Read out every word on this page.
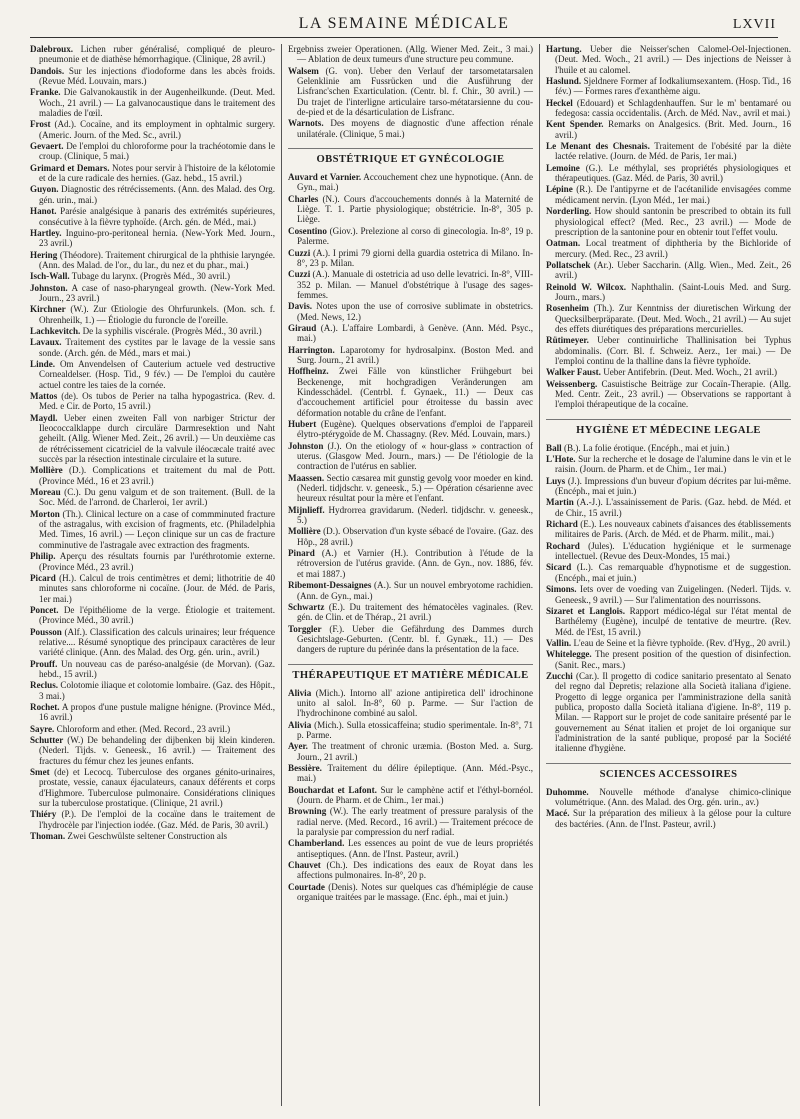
LA SEMAINE MÉDICALE	LXVII

Dalebroux. Lichen ruber généralisé, compliqué de pleuro-pneumonie et de diathèse hémorrhagique. (Clinique, 28 avril.)

Dandois. Sur les injections d'iodoforme dans les abcès froids. (Revue Méd. Louvain, mars.)

Franke. Die Galvanokaustik in der Augenheilkunde. (Deut. Med. Woch., 21 avril.) — La galvanocaustique dans le traitement des maladies de l'œil.

Frost (Ad.). Cocaïne, and its employment in ophtalmic surgery. (Americ. Journ. of the Med. Sc., avril.)

Gevaert. De l'emploi du chloroforme pour la trachéotomie dans le croup. (Clinique, 5 mai.)

Grimard et Demars. Notes pour servir à l'histoire de la kélotomie et de la cure radicale des hernies. (Gaz. hebd., 15 avril.)

Guyon. Diagnostic des rétrécissements. (Ann. des Malad. des Org. gén. urin., mai.)

Hanot. Parésie analgésique à panaris des extrémités supérieures, consécutive à la fièvre typhoïde. (Arch. gén. de Méd., mai.)

Hartley. Inguino-pro-peritoneal hernia. (New-York Med. Journ., 23 avril.)

Hering (Théodore). Traitement chirurgical de la phthisie laryngée. (Ann. des Malad. de l'or., du lar., du nez et du phar., mai.)

Isch-Wall. Tubage du larynx. (Progrès Méd., 30 avril.)

Johnston. A case of naso-pharyngeal growth. (New-York Med. Journ., 23 avril.)

Kirchner (W.). Zur Œtiologie des Ohrfurunkels. (Mon. sch. f. Ohrenheilk, 1.) — Étiologie du furoncle de l'oreille.

Lachkevitch. De la syphilis viscérale. (Progrès Méd., 30 avril.)

Lavaux. Traitement des cystites par le lavage de la vessie sans sonde. (Arch. gén. de Méd., mars et mai.)

Linde. Om Anvendelsen of Cauterium actuele ved destructive Cornealdelser. (Hosp. Tid., 9 fév.) — De l'emploi du cautère actuel contre les taies de la cornée.

Mattos (de). Os tubos de Perier na talha hypogastrica. (Rev. d. Med. e Cir. de Porto, 15 avril.)

Maydl. Ueber einen zweiten Fall von narbiger Strictur der Ileococcalklappe durch circuläre Darmresektion und Naht geheilt. (Allg. Wiener Med. Zeit., 26 avril.) — Un deuxième cas de rétrécissement cicatriciel de la valvule iléocæcale traité avec succès par la résection intestinale circulaire et la suture.

Mollière (D.). Complications et traitement du mal de Pott. (Province Méd., 16 et 23 avril.)

Moreau (C.). Du genu valgum et de son traitement. (Bull. de la Soc. Méd. de l'arrond. de Charleroi, 1er avril.)

Morton (Th.). Clinical lecture on a case of commminuted fracture of the astragalus, with excision of fragments, etc. (Philadelphia Med. Times, 16 avril.) — Leçon clinique sur un cas de fracture comminutive de l'astragale avec extraction des fragments.

Philip. Aperçu des résultats fournis par l'uréthrotomie externe. (Province Méd., 23 avril.)

Picard (H.). Calcul de trois centimètres et demi; lithotritie de 40 minutes sans chloroforme ni cocaïne. (Jour. de Méd. de Paris, 1er mai.)

Poncet. De l'épithéliome de la verge. Étiologie et traitement. (Province Méd., 30 avril.)

Pousson (Alf.). Classification des calculs urinaires; leur fréquence relative.... Résumé synoptique des principaux caractères de leur variété clinique. (Ann. des Malad. des Org. gén. urin., avril.)

Prouff. Un nouveau cas de paréso-analgésie (de Morvan). (Gaz. hebd., 15 avril.)

Reclus. Colotomie iliaque et colotomie lombaire. (Gaz. des Hôpit., 3 mai.)

Rochet. A propos d'une pustule maligne hénigne. (Province Méd., 16 avril.)

Sayre. Chloroform and ether. (Med. Record., 23 avril.)

Schutter (W.) De behandeling der dijbenken bij klein kinderen. (Nederl. Tijds. v. Geneesk., 16 avril.) — Traitement des fractures du fémur chez les jeunes enfants.

Smet (de) et Lecocq. Tuberculose des organes génito-urinaires, prostate, vessie, canaux éjaculateurs, canaux déférents et corps d'Highmore. Tuberculose pulmonaire. Considérations cliniques sur la tuberculose prostatique. (Clinique, 21 avril.)

Thiéry (P.). De l'emploi de la cocaïne dans le traitement de l'hydrocèle par l'injection iodée. (Gaz. Méd. de Paris, 30 avril.)

Thoman. Zwei Geschwülste seltener Construction als

Ergebniss zweier Operationen. (Allg. Wiener Med. Zeit., 3 mai.) — Ablation de deux tumeurs d'une structure peu commune.

Walsem (G. von). Ueber den Verlauf der tarsometatarsalen Gelenklinie am Fussrücken und die Ausführung der Lisfranc'schen Exarticulation. (Centr. bl. f. Chir., 30 avril.) — Du trajet de l'interligne articulaire tarso-métatarsienne du cou-de-pied et de la désarticulation de Lisfranc.

Warnots. Des moyens de diagnostic d'une affection rénale unilatérale. (Clinique, 5 mai.)

OBSTÉTRIQUE ET GYNÉCOLOGIE

Auvard et Varnier. Accouchement chez une hypnotique. (Ann. de Gyn., mai.)

Charles (N.). Cours d'accouchements donnés à la Maternité de Liège. T. 1. Partie physiologique; obstétricie. In-8°, 305 p. Liège.

Cosentino (Giov.). Prelezione al corso di ginecologia. In-8°, 19 p. Palerme.

Cuzzi (A.). I primi 79 giorni della guardia ostetrica di Milano. In-8°, 23 p. Milan.

Cuzzi (A.). Manuale di ostetricia ad uso delle levatrici. In-8°, VIII-352 p. Milan. — Manuel d'obstétrique à l'usage des sages-femmes.

Davis. Notes upon the use of corrosive sublimate in obstetrics. (Med. News, 12.)

Giraud (A.). L'affaire Lombardi, à Genève. (Ann. Méd. Psyc., mai.)

Harrington. Laparotomy for hydrosalpinx. (Boston Med. and Surg. Journ., 21 avril.)

Hoffheinz. Zwei Fälle von künstlicher Frühgeburt bei Beckenenge, mit hochgradigen Veränderungen am Kindesschädel. (Centrbl. f. Gynaek., 11.) — Deux cas d'accouchement artificiel pour étroitesse du bassin avec déformation notable du crâne de l'enfant.

Hubert (Eugène). Quelques observations d'emploi de l'appareil élytro-ptérygoïde de M. Chassagny. (Rev. Méd. Louvain, mars.)

Johnston (J.). On the etiology of « hour-glass » contraction of uterus. (Glasgow Med. Journ., mars.) — De l'étiologie de la contraction de l'utérus en sablier.

Maassen. Sectio cæsarea mit gunstig gevolg voor moeder en kind. (Nederl. tidjdschr. v. geneesk., 5.) — Opération césarienne avec heureux résultat pour la mère et l'enfant.

Mijnlieff. Hydrorrea gravidarum. (Nederl. tidjdschr. v. geneesk., 5.)

Mollière (D.). Observation d'un kyste sébacé de l'ovaire. (Gaz. des Hôp., 28 avril.)

Pinard (A.) et Varnier (H.). Contribution à l'étude de la rétroversion de l'utérus gravide. (Ann. de Gyn., nov. 1886, fév. et mai 1887.)

Ribemont-Dessaignes (A.). Sur un nouvel embryotome rachidien. (Ann. de Gyn., mai.)

Schwartz (E.). Du traitement des hématocèles vaginales. (Rev. gén. de Clin. et de Thérap., 21 avril.)

Torggler (F.). Ueber die Gefährdung des Dammes durch Gesichtslage-Geburten. (Centr. bl. f. Gynæk., 11.) — Des dangers de rupture du périnée dans la présentation de la face.

THÉRAPEUTIQUE ET MATIÈRE MÉDICALE

Alivia (Mich.). Intorno all' azione antipiretica dell' idrochinone unito al salol. In-8°, 60 p. Parme. — Sur l'action de l'hydrochinone combiné au salol.

Alivia (Mich.). Sulla etossicaffeina; studio sperimentale. In-8°, 71 p. Parme.

Ayer. The treatment of chronic uræmia. (Boston Med. a. Surg. Journ., 21 avril.)

Bessière. Traitement du délire épileptique. (Ann. Méd.-Psyc., mai.)

Bouchardat et Lafont. Sur le camphène actif et l'éthyl-bornéol. (Journ. de Pharm. et de Chim., 1er mai.)

Browning (W.). The early treatment of pressure paralysis of the radial nerve. (Med. Record., 16 avril.) — Traitement précoce de la paralysie par compression du nerf radial.

Chamberland. Les essences au point de vue de leurs propriétés antiseptiques. (Ann. de l'Inst. Pasteur, avril.)

Chauvet (Ch.). Des indications des eaux de Royat dans les affections pulmonaires. In-8°, 20 p.

Courtade (Denis). Notes sur quelques cas d'hémiplégie de cause organique traitées par le massage. (Enc. éph., mai et juin.)

Hartung. Ueber die Neisser'schen Calomel-Oel-Injectionen. (Deut. Med. Woch., 21 avril.) — Des injections de Neisser à l'huile et au calomel.

Haslund. Sjeldnere Former af Iodkaliumsexantem. (Hosp. Tid., 16 fév.) — Formes rares d'exanthème aigu.

Heckel (Edouard) et Schlagdenhauffen. Sur le m' bentamaré ou fedegosa: cassia occidentalis. (Arch. de Méd. Nav., avril et mai.)

Kent Spender. Remarks on Analgesics. (Brit. Med. Journ., 16 avril.)

Le Menant des Chesnais. Traitement de l'obésité par la diète lactée relative. (Journ. de Méd. de Paris, 1er mai.)

Lemoine (G.). Le méthylal, ses propriétés physiologiques et thérapeutiques. (Gaz. Méd. de Paris, 30 avril.)

Lépine (R.). De l'antipyrne et de l'acétanilide envisagées comme médicament nervin. (Lyon Méd., 1er mai.)

Norderling. How should santonin be prescribed to obtain its full physiological effect? (Med. Rec., 23 avril.) — Mode de prescription de la santonine pour en obtenir tout l'effet voulu.

Oatman. Local treatment of diphtheria by the Bichloride of mercury. (Med. Rec., 23 avril.)

Pollatschek (Ar.). Ueber Saccharin. (Allg. Wien., Med. Zeit., 26 avril.)

Reinold W. Wilcox. Naphthalin. (Saint-Louis Med. and Surg. Journ., mars.)

Rosenheim (Th.). Zur Kenntniss der diuretischen Wirkung der Quecksilberpräparate. (Deut. Med. Woch., 21 avril.) — Au sujet des effets diurétiques des préparations mercurielles.

Rütimeyer. Ueber continuirliche Thallinisation bei Typhus abdominalis. (Corr. Bl. f. Schweiz. Aerz., 1er mai.) — De l'emploi continu de la thalline dans la fièvre typhoïde.

Walker Faust. Ueber Antifebrin. (Deut. Med. Woch., 21 avril.)

Weissenberg. Casuistische Beiträge zur Cocaïn-Therapie. (Allg. Med. Centr. Zeit., 23 avril.) — Observations se rapportant à l'emploi thérapeutique de la cocaïne.

HYGIÈNE ET MÉDECINE LEGALE

Ball (B.). La folie érotique. (Encéph., mai et juin.)

L'Hote. Sur la recherche et le dosage de l'alumine dans le vin et le raisin. (Journ. de Pharm. et de Chim., 1er mai.)

Luys (J.). Impressions d'un buveur d'opium décrites par lui-même. (Encéph., mai et juin.)

Martin (A.-J.). L'assainissement de Paris. (Gaz. hebd. de Méd. et de Chir., 15 avril.)

Richard (E.). Les nouveaux cabinets d'aisances des établissements militaires de Paris. (Arch. de Méd. et de Pharm. milit., mai.)

Rochard (Jules). L'éducation hygiénique et le surmenage intellectuel. (Revue des Deux-Mondes, 15 mai.)

Sicard (L.). Cas remarquable d'hypnotisme et de suggestion. (Encéph., mai et juin.)

Simons. Iets over de voeding van Zuigelingen. (Nederl. Tijds. v. Geneesk., 9 avril.) — Sur l'alimentation des nourrissons.

Sizaret et Langlois. Rapport médico-légal sur l'état mental de Barthélemy (Eugène), inculpé de tentative de meurtre. (Rev. Méd. de l'Est, 15 avril.)

Vallin. L'eau de Seine et la fièvre typhoïde. (Rev. d'Hyg., 20 avril.)

Whitelegge. The present position of the question of disinfection. (Sanit. Rec., mars.)

Zucchi (Car.). Il progetto di codice sanitario presentato al Senato del regno dal Depretis; relazione alla Società italiana d'igiene. Progetto di legge organica per l'amministrazione della sanità publica, proposto dalla Società italiana d'igiene. In-8°, 119 p. Milan. — Rapport sur le projet de code sanitaire présenté par le gouvernement au Sénat italien et projet de loi organique sur l'administration de la santé publique, proposé par la Société italienne d'hygiène.

SCIENCES ACCESSOIRES

Duhomme. Nouvelle méthode d'analyse chimico-clinique volumétrique. (Ann. des Malad. des Org. gén. urin., av.)

Macé. Sur la préparation des milieux à la gélose pour la culture des bactéries. (Ann. de l'Inst. Pasteur, avril.)
